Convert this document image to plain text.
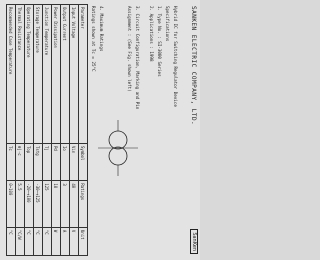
SANKEN ELECTRIC COMPANY, LTD.
SanKen
Hybrid IC for Switching Regulator Device
Specifications
1. Type No. : SI-3000 Series
2. Applications : 1998
3. Circuit Configuration, Marking and Pin
Assignment : (See Fig. shown left)
4. Maximum Ratings
Ratings shown at Tc = 25°C
Parameter	Symbol	Ratings	Unit
Input Voltage	Vin	40	V
Output Current	Io	3	A
Power Dissipation	Pd	18	W
Junction Temperature	Tj	125	°C
Storage Temperature	Tstg	-30~+125	°C
Operating Temperature	Top	-20~+100	°C
Thermal Resistance	θj-c	5.5	°C/W
Recommended Case Temperature	Tc	0~100	°C
